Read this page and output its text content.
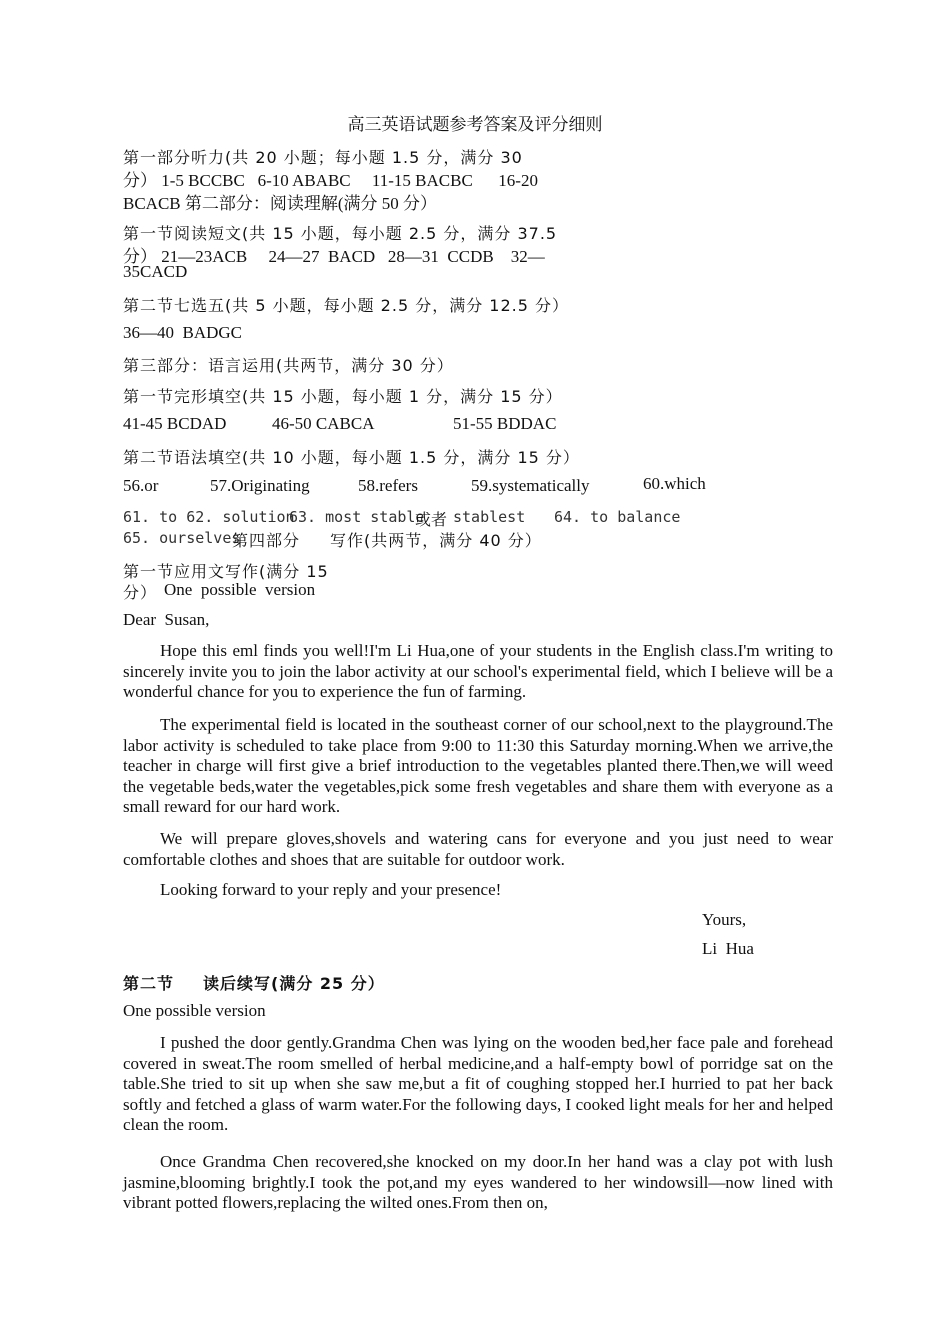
高三英语试题参考答案及评分细则
第一部分听力(共 20 小题；每小题 1.5 分，满分 30
分） 1-5 BCCBC   6-10 ABABC     11-15 BACBC      16-20
BCACB 第二部分：阅读理解(满分 50 分）
第一节阅读短文(共 15 小题，每小题 2.5 分，满分 37.5
分） 21—23ACB     24—27  BACD   28—31  CCDB    32—
35CACD
第二节七选五(共 5 小题，每小题 2.5 分，满分 12.5 分）
36—40  BADGC
第三部分：语言运用(共两节，满分 30 分）
第一节完形填空(共 15 小题，每小题 1 分，满分 15 分）
41-45 BCDAD	46-50 CABCA	51-55 BDDAC
第二节语法填空(共 10 小题，每小题 1.5 分，满分 15 分）
56.or	57.Originating	58.refers	59.systematically	60.which
61. to 62. solution
63. most stable
或者 stablest 64. to balance
65. ourselves
第四部分 写作(共两节，满分 40 分）
第一节应用文写作(满分 15
分） One  possible  version
Dear  Susan,

Hope this eml finds you well!I'm Li Hua,one of your students in the English class.I'm writing to sincerely invite you to join the labor activity at our school's experimental field, which I believe will be a wonderful chance for you to experience the fun of farming.

The experimental field is located in the southeast corner of our school,next to the playground.The labor activity is scheduled to take place from 9:00 to 11:30 this Saturday morning.When we arrive,the teacher in charge will first give a brief introduction to the vegetables planted there.Then,we will weed the vegetable beds,water the vegetables,pick some fresh vegetables and share them with everyone as a small reward for our hard work.

We will prepare gloves,shovels and watering cans for everyone and you just need to wear comfortable clothes and shoes that are suitable for outdoor work.

Looking forward to your reply and your presence!
Yours,
Li  Hua
第二节 读后续写(满分 25 分）
One possible version

I pushed the door gently.Grandma Chen was lying on the wooden bed,her face pale and forehead covered in sweat.The room smelled of herbal medicine,and a half-empty bowl of porridge sat on the table.She tried to sit up when she saw me,but a fit of coughing stopped her.I hurried to pat her back softly and fetched a glass of warm water.For the following days, I cooked light meals for her and helped clean the room.

Once Grandma Chen recovered,she knocked on my door.In her hand was a clay pot with lush jasmine,blooming brightly.I took the pot,and my eyes wandered to her windowsill—now lined with vibrant potted flowers,replacing the wilted ones.From then on,
